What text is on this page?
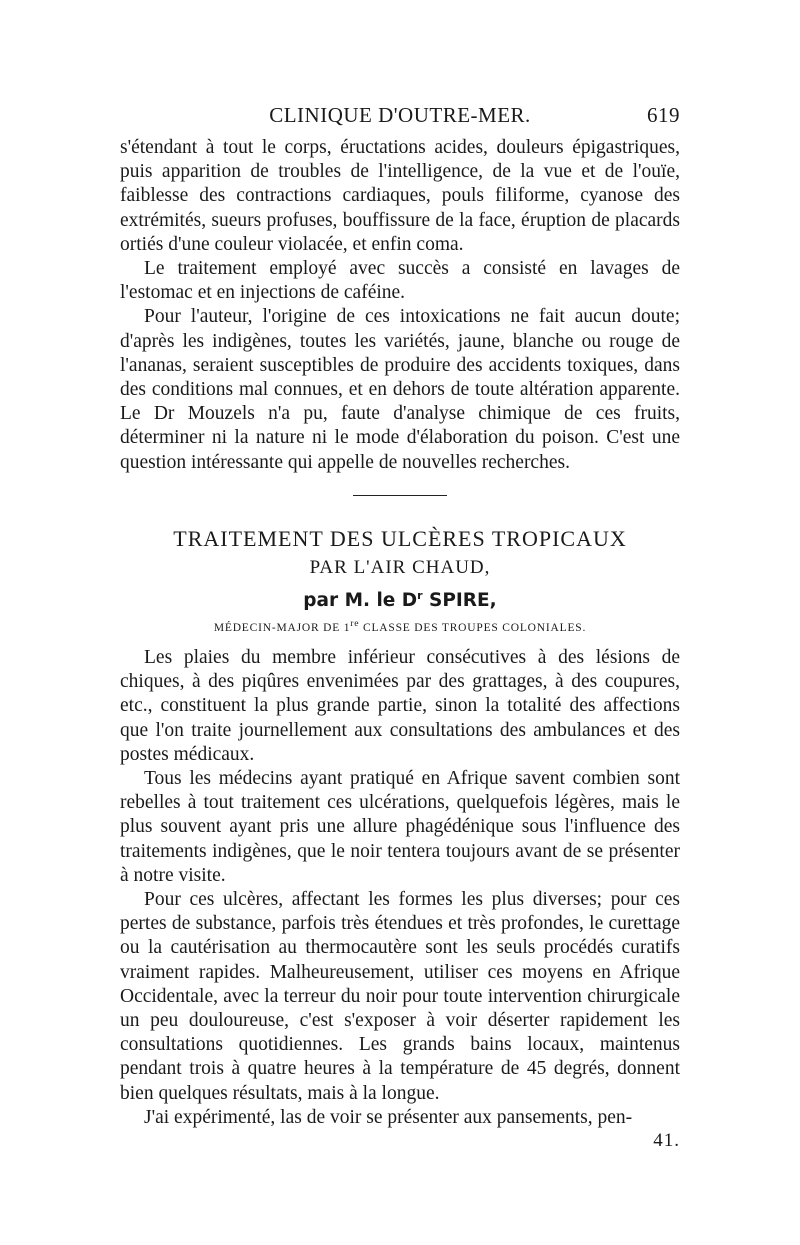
CLINIQUE D'OUTRE-MER.	619

s'étendant à tout le corps, éructations acides, douleurs épigastriques, puis apparition de troubles de l'intelligence, de la vue et de l'ouïe, faiblesse des contractions cardiaques, pouls filiforme, cyanose des extrémités, sueurs profuses, bouffissure de la face, éruption de placards ortiés d'une couleur violacée, et enfin coma.

Le traitement employé avec succès a consisté en lavages de l'estomac et en injections de caféine.

Pour l'auteur, l'origine de ces intoxications ne fait aucun doute; d'après les indigènes, toutes les variétés, jaune, blanche ou rouge de l'ananas, seraient susceptibles de produire des accidents toxiques, dans des conditions mal connues, et en dehors de toute altération apparente. Le Dr Mouzels n'a pu, faute d'analyse chimique de ces fruits, déterminer ni la nature ni le mode d'élaboration du poison. C'est une question intéressante qui appelle de nouvelles recherches.

TRAITEMENT DES ULCÈRES TROPICAUX
PAR L'AIR CHAUD,
par M. le $D^r$ SPIRE,
MÉDECIN-MAJOR DE 1re CLASSE DES TROUPES COLONIALES.

Les plaies du membre inférieur consécutives à des lésions de chiques, à des piqûres envenimées par des grattages, à des coupures, etc., constituent la plus grande partie, sinon la totalité des affections que l'on traite journellement aux consultations des ambulances et des postes médicaux.

Tous les médecins ayant pratiqué en Afrique savent combien sont rebelles à tout traitement ces ulcérations, quelquefois légères, mais le plus souvent ayant pris une allure phagédénique sous l'influence des traitements indigènes, que le noir tentera toujours avant de se présenter à notre visite.

Pour ces ulcères, affectant les formes les plus diverses; pour ces pertes de substance, parfois très étendues et très profondes, le curettage ou la cautérisation au thermocautère sont les seuls procédés curatifs vraiment rapides. Malheureusement, utiliser ces moyens en Afrique Occidentale, avec la terreur du noir pour toute intervention chirurgicale un peu douloureuse, c'est s'exposer à voir déserter rapidement les consultations quotidiennes. Les grands bains locaux, maintenus pendant trois à quatre heures à la température de 45 degrés, donnent bien quelques résultats, mais à la longue.

J'ai expérimenté, las de voir se présenter aux pansements, pen-

41.
